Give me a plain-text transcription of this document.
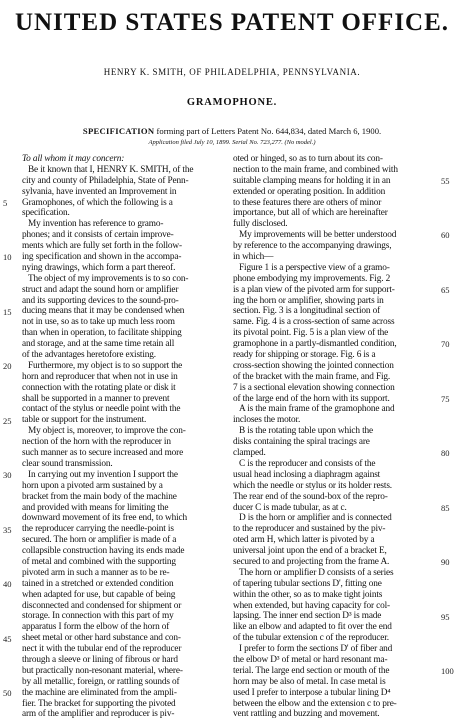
UNITED STATES PATENT OFFICE.
HENRY K. SMITH, OF PHILADELPHIA, PENNSYLVANIA.
GRAMOPHONE.
SPECIFICATION forming part of Letters Patent No. 644,834, dated March 6, 1900.
Application filed July 10, 1899. Serial No. 723,277. (No model.)
To all whom it may concern:
Be it known that I, HENRY K. SMITH, of the
city and county of Philadelphia, State of Penn-
sylvania, have invented an Improvement in
Gramophones, of which the following is a
specification.
My invention has reference to gramo-
phones; and it consists of certain improve-
ments which are fully set forth in the follow-
ing specification and shown in the accompa-
nying drawings, which form a part thereof.
The object of my improvements is to so con-
struct and adapt the sound horn or amplifier
and its supporting devices to the sound-pro-
ducing means that it may be condensed when
not in use, so as to take up much less room
than when in operation, to facilitate shipping
and storage, and at the same time retain all
of the advantages heretofore existing.
Furthermore, my object is to so support the
horn and reproducer that when not in use in
connection with the rotating plate or disk it
shall be supported in a manner to prevent
contact of the stylus or needle point with the
table or support for the instrument.
My object is, moreover, to improve the con-
nection of the horn with the reproducer in
such manner as to secure increased and more
clear sound transmission.
In carrying out my invention I support the
horn upon a pivoted arm sustained by a
bracket from the main body of the machine
and provided with means for limiting the
downward movement of its free end, to which
the reproducer carrying the needle-point is
secured. The horn or amplifier is made of a
collapsible construction having its ends made
of metal and combined with the supporting
pivoted arm in such a manner as to be re-
tained in a stretched or extended condition
when adapted for use, but capable of being
disconnected and condensed for shipment or
storage. In connection with this part of my
apparatus I form the elbow of the horn of
sheet metal or other hard substance and con-
nect it with the tubular end of the reproducer
through a sleeve or lining of fibrous or hard
but practically non-resonant material, where-
by all metallic, foreign, or rattling sounds of
the machine are eliminated from the ampli-
fier. The bracket for supporting the pivoted
arm of the amplifier and reproducer is piv-
oted or hinged, so as to turn about its con-
nection to the main frame, and combined with
suitable clamping means for holding it in an
extended or operating position. In addition
to these features there are others of minor
importance, but all of which are hereinafter
fully disclosed.
My improvements will be better understood
by reference to the accompanying drawings,
in which—
Figure 1 is a perspective view of a gramo-
phone embodying my improvements. Fig. 2
is a plan view of the pivoted arm for support-
ing the horn or amplifier, showing parts in
section. Fig. 3 is a longitudinal section of
same. Fig. 4 is a cross-section of same across
its pivotal point. Fig. 5 is a plan view of the
gramophone in a partly-dismantled condition,
ready for shipping or storage. Fig. 6 is a
cross-section showing the jointed connection
of the bracket with the main frame, and Fig.
7 is a sectional elevation showing connection
of the large end of the horn with its support.
A is the main frame of the gramophone and
incloses the motor.
B is the rotating table upon which the
disks containing the spiral tracings are
clamped.
C is the reproducer and consists of the
usual head inclosing a diaphragm against
which the needle or stylus or its holder rests.
The rear end of the sound-box of the repro-
ducer C is made tubular, as at c.
D is the horn or amplifier and is connected
to the reproducer and sustained by the piv-
oted arm H, which latter is pivoted by a
universal joint upon the end of a bracket E,
secured to and projecting from the frame A.
The horn or amplifier D consists of a series
of tapering tubular sections D', fitting one
within the other, so as to make tight joints
when extended, but having capacity for col-
lapsing. The inner end section D³ is made
like an elbow and adapted to fit over the end
of the tubular extension c of the reproducer.
I prefer to form the sections D' of fiber and
the elbow D³ of metal or hard resonant ma-
terial. The large end section or mouth of the
horn may be also of metal. In case metal is
used I prefer to interpose a tubular lining D⁴
between the elbow and the extension c to pre-
vent rattling and buzzing and movement.
5
10
15
20
25
30
35
40
45
50
55
60
65
70
75
80
85
90
95
100
